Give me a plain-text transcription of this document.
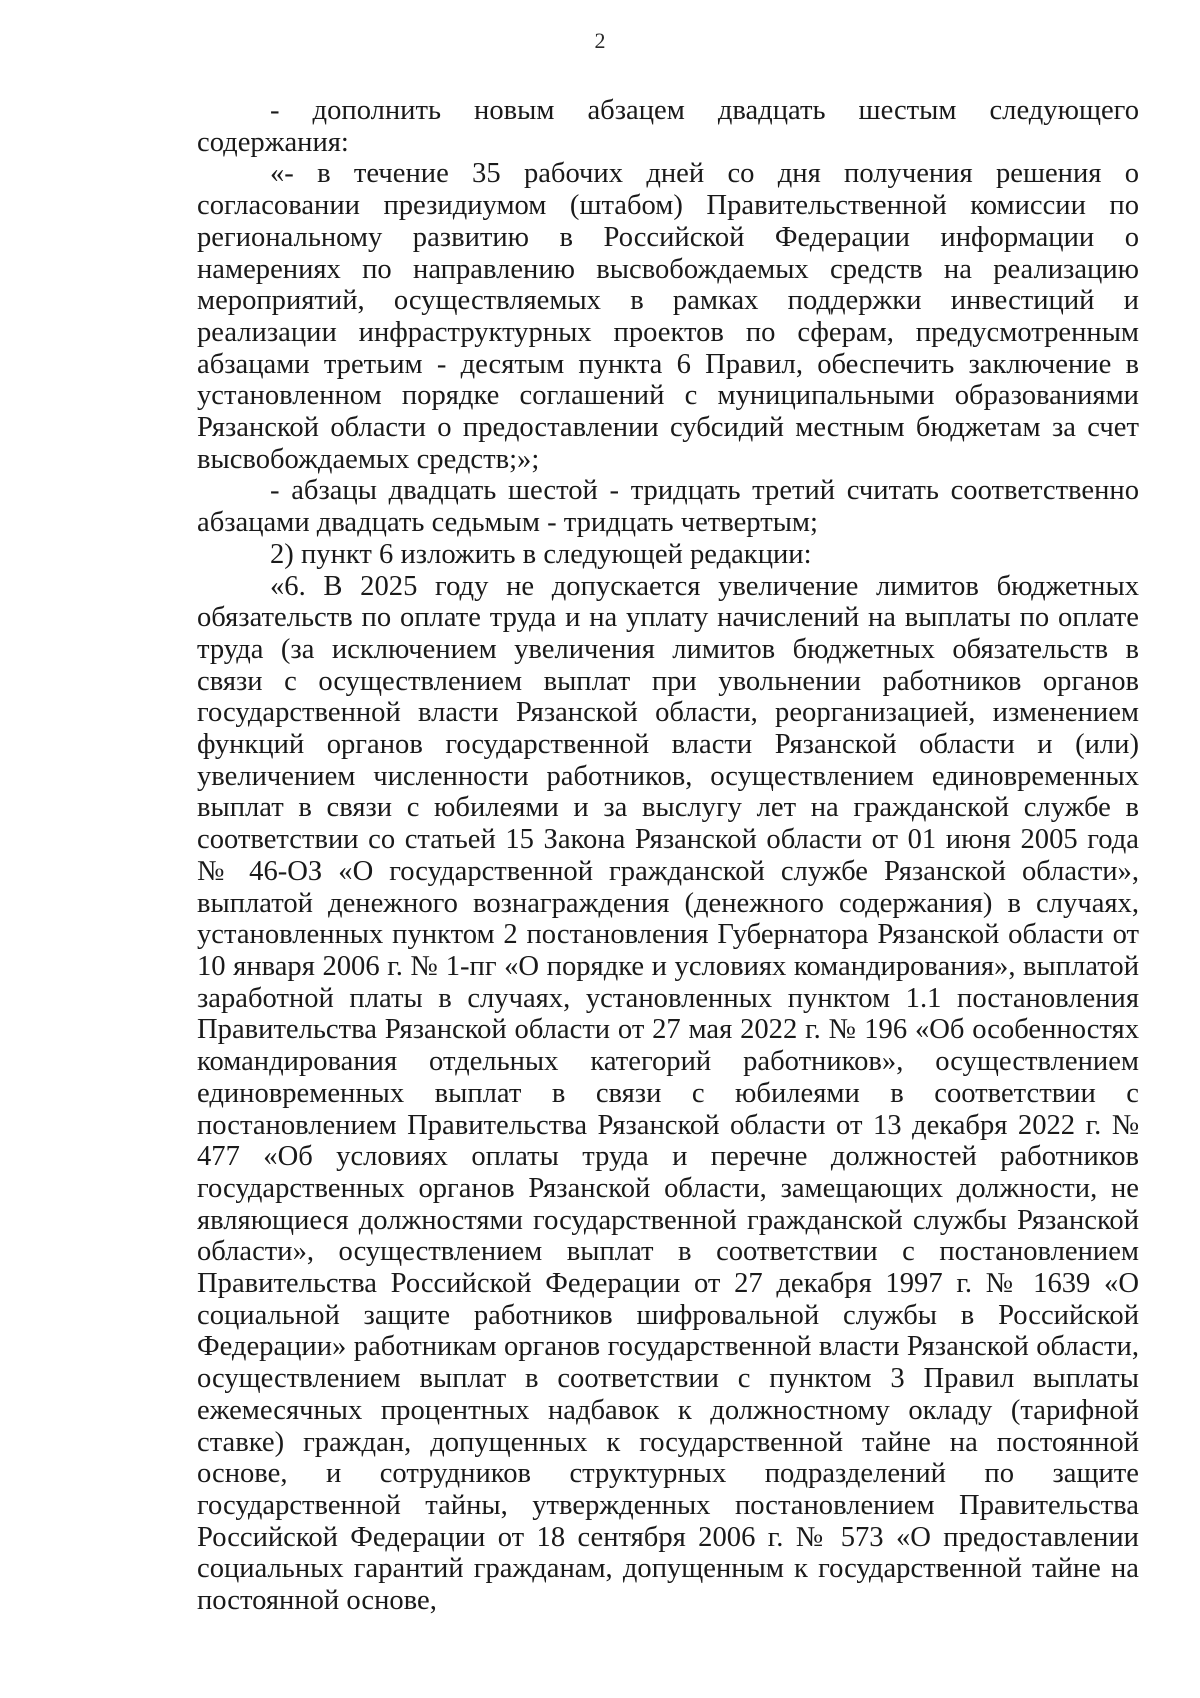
2

- дополнить новым абзацем двадцать шестым следующего содержания:

«- в течение 35 рабочих дней со дня получения решения о согласовании президиумом (штабом) Правительственной комиссии по региональному развитию в Российской Федерации информации о намерениях по направлению высвобождаемых средств на реализацию мероприятий, осуществляемых в рамках поддержки инвестиций и реализации инфраструктурных проектов по сферам, предусмотренным абзацами третьим - десятым пункта 6 Правил, обеспечить заключение в установленном порядке соглашений с муниципальными образованиями Рязанской области о предоставлении субсидий местным бюджетам за счет высвобождаемых средств;»;

- абзацы двадцать шестой - тридцать третий считать соответственно абзацами двадцать седьмым - тридцать четвертым;

2) пункт 6 изложить в следующей редакции:

«6. В 2025 году не допускается увеличение лимитов бюджетных обязательств по оплате труда и на уплату начислений на выплаты по оплате труда (за исключением увеличения лимитов бюджетных обязательств в связи с осуществлением выплат при увольнении работников органов государственной власти Рязанской области, реорганизацией, изменением функций органов государственной власти Рязанской области и (или) увеличением численности работников, осуществлением единовременных выплат в связи с юбилеями и за выслугу лет на гражданской службе в соответствии со статьей 15 Закона Рязанской области от 01 июня 2005 года № 46-ОЗ «О государственной гражданской службе Рязанской области», выплатой денежного вознаграждения (денежного содержания) в случаях, установленных пунктом 2 постановления Губернатора Рязанской области от 10 января 2006 г. № 1-пг «О порядке и условиях командирования», выплатой заработной платы в случаях, установленных пунктом 1.1 постановления Правительства Рязанской области от 27 мая 2022 г. № 196 «Об особенностях командирования отдельных категорий работников», осуществлением единовременных выплат в связи с юбилеями в соответствии с постановлением Правительства Рязанской области от 13 декабря 2022 г. № 477 «Об условиях оплаты труда и перечне должностей работников государственных органов Рязанской области, замещающих должности, не являющиеся должностями государственной гражданской службы Рязанской области», осуществлением выплат в соответствии с постановлением Правительства Российской Федерации от 27 декабря 1997 г. № 1639 «О социальной защите работников шифровальной службы в Российской Федерации» работникам органов государственной власти Рязанской области, осуществлением выплат в соответствии с пунктом 3 Правил выплаты ежемесячных процентных надбавок к должностному окладу (тарифной ставке) граждан, допущенных к государственной тайне на постоянной основе, и сотрудников структурных подразделений по защите государственной тайны, утвержденных постановлением Правительства Российской Федерации от 18 сентября 2006 г. № 573 «О предоставлении социальных гарантий гражданам, допущенным к государственной тайне на постоянной основе,
